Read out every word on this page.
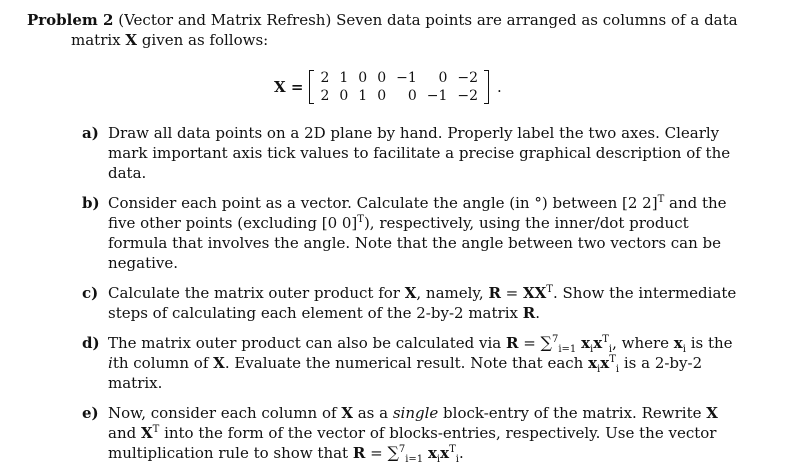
Problem 2 (Vector and Matrix Refresh) Seven data points are arranged as columns of a data
matrix X given as follows:
X = 2	1	0	0	−1	0	−2
2	0	1	0	0	−1	−2 .
a) Draw all data points on a 2D plane by hand. Properly label the two axes. Clearly mark important axis tick values to facilitate a precise graphical description of the data.
b) Consider each point as a vector. Calculate the angle (in °) between [2 2]$^T$ and the five other points (excluding [0 0]$^T$), respectively, using the inner/dot product formula that involves the angle. Note that the angle between two vectors can be negative.
c) Calculate the matrix outer product for X, namely, $R = XX^T$. Show the intermediate steps of calculating each element of the 2-by-2 matrix R.
d) The matrix outer product can also be calculated via R = ∑$^7_{i=1}$ $x_ix^T_i$, where $x_i$ is the ith column of X. Evaluate the numerical result. Note that each $x_ix^T_i$ is a 2-by-2 matrix.
e) Now, consider each column of X as a single block-entry of the matrix. Rewrite X and $X^T$ into the form of the vector of blocks-entries, respectively. Use the vector multiplication rule to show that R = ∑$^7_{i=1}$ $x_ix^T_i$.
